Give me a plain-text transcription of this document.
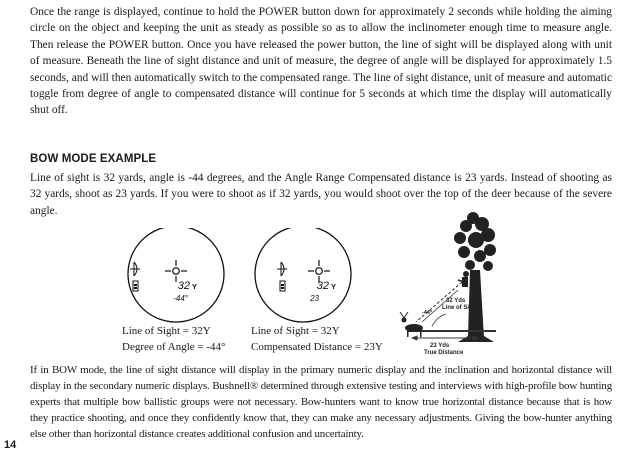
Once the range is displayed, continue to hold the POWER button down for approximately 2 seconds while holding the aiming circle on the object and keeping the unit as steady as possible so as to allow the inclinometer enough time to measure angle. Then release the POWER button. Once you have released the power button, the line of sight will be displayed along with unit of measure. Beneath the line of sight distance and unit of measure, the degree of angle will be displayed for approximately 1.5 seconds, and will then automatically switch to the compensated range. The line of sight distance, unit of measure and automatic toggle from degree of angle to compensated distance will continue for 5 seconds at which time the display will automatically shut off.

BOW MODE EXAMPLE

Line of sight is 32 yards, angle is -44 degrees, and the Angle Range Compensated distance is 23 yards. Instead of shooting as 32 yards, shoot as 23 yards. If you were to shoot as if 32 yards, you would shoot over the top of the deer because of the severe angle.

32 Y
-44°
32 Y
23
Line of Sight = 32Y
Degree of Angle = -44°
Line of Sight = 32Y
Compensated Distance = 23Y
32 Yds
Line of Sight
-44°
23 Yds
True Distance

If in BOW mode, the line of sight distance will display in the primary numeric display and the inclination and horizontal distance will display in the secondary numeric displays. Bushnell® determined through extensive testing and interviews with high-profile bow hunting experts that multiple bow ballistic groups were not necessary. Bow-hunters want to know true horizontal distance because that is how they practice shooting, and once they confidently know that, they can make any necessary adjustments. Giving the bow-hunter anything else other than horizontal distance creates additional confusion and uncertainty.

14
